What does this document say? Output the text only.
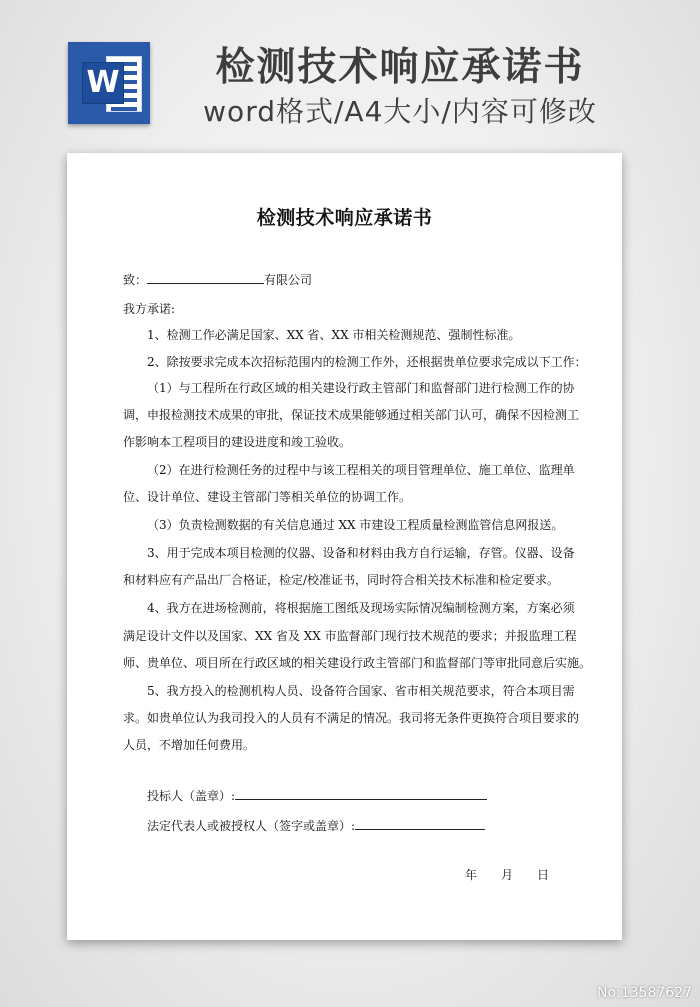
W	检测技术响应承诺书
word格式/A4大小/内容可修改
检测技术响应承诺书
致：	有限公司
我方承诺:
1、检测工作必满足国家、XX 省、XX 市相关检测规范、强制性标准。
2、除按要求完成本次招标范围内的检测工作外，还根据贵单位要求完成以下工作：
（1）与工程所在行政区域的相关建设行政主管部门和监督部门进行检测工作的协
调，申报检测技术成果的审批，保证技术成果能够通过相关部门认可，确保不因检测工
作影响本工程项目的建设进度和竣工验收。
（2）在进行检测任务的过程中与该工程相关的项目管理单位、施工单位、监理单
位、设计单位、建设主管部门等相关单位的协调工作。
（3）负责检测数据的有关信息通过 XX 市建设工程质量检测监管信息网报送。
3、用于完成本项目检测的仪器、设备和材料由我方自行运输，存管。仪器、设备
和材料应有产品出厂合格证，检定/校准证书，同时符合相关技术标准和检定要求。
4、我方在进场检测前，将根据施工图纸及现场实际情况编制检测方案，方案必须
满足设计文件以及国家、XX 省及 XX 市监督部门现行技术规范的要求；并报监理工程
师、贵单位、项目所在行政区域的相关建设行政主管部门和监督部门等审批同意后实施。
5、我方投入的检测机构人员、设备符合国家、省市相关规范要求，符合本项目需
求。如贵单位认为我司投入的人员有不满足的情况。我司将无条件更换符合项目要求的
人员，不增加任何费用。
投标人（盖章）:
法定代表人或被授权人（签字或盖章）:
年 月 日
No:13587627
